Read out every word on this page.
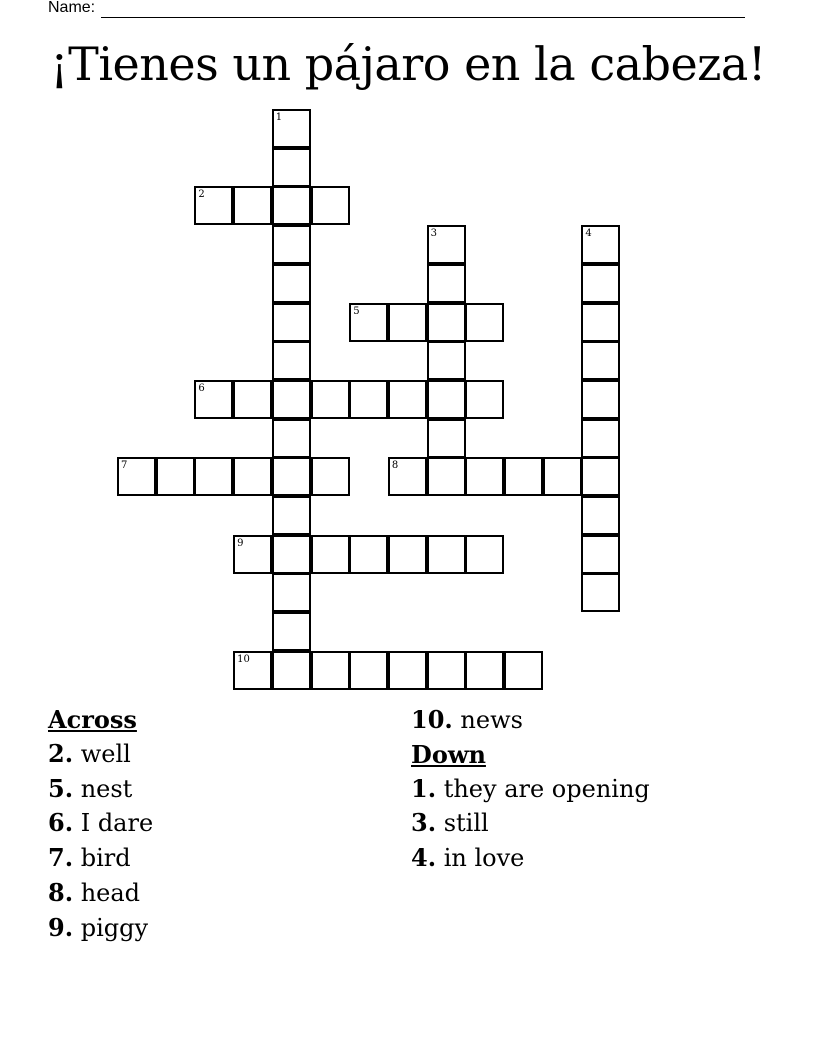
Name:
¡Tienes un pájaro en la cabeza!
1
2
3	4
5
6
7	8
9
10
Across
2. well
5. nest
6. I dare
7. bird
8. head
9. piggy
10. news
Down
1. they are opening
3. still
4. in love
